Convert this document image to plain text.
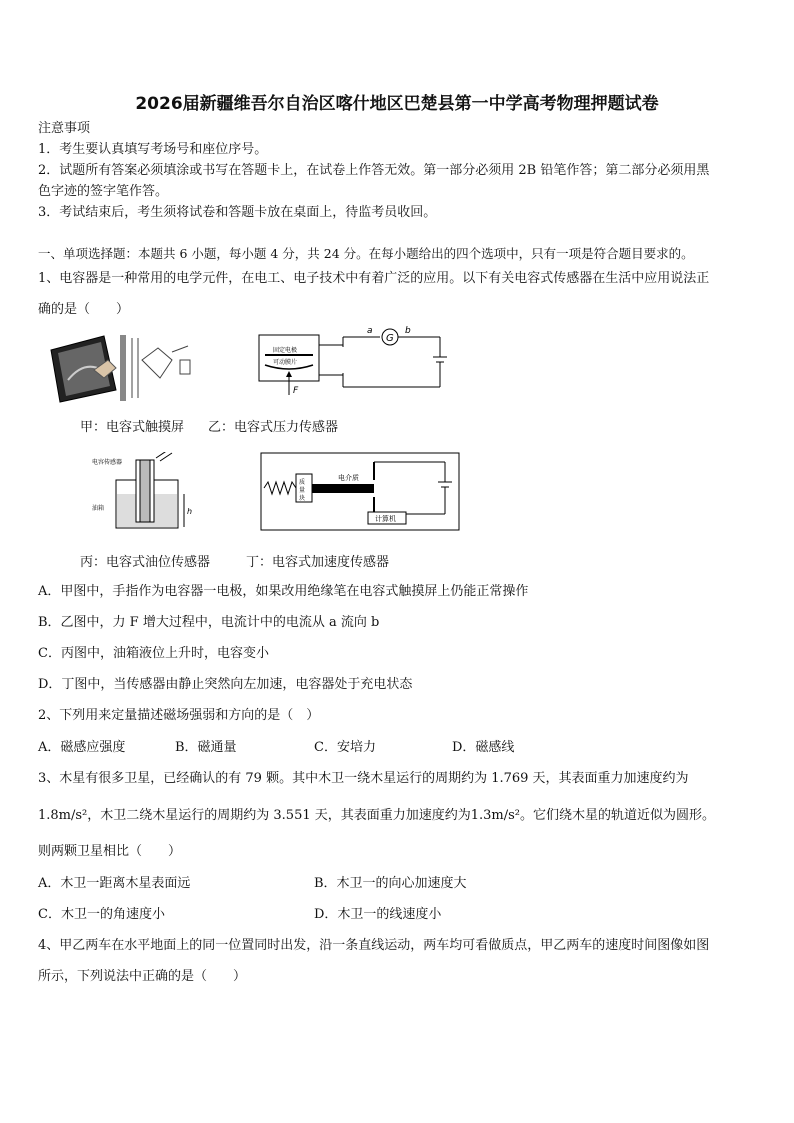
2026届新疆维吾尔自治区喀什地区巴楚县第一中学高考物理押题试卷
注意事项
1．考生要认真填写考场号和座位序号。
2．试题所有答案必须填涂或书写在答题卡上，在试卷上作答无效。第一部分必须用 2B 铅笔作答；第二部分必须用黑
色字迹的签字笔作答。
3．考试结束后，考生须将试卷和答题卡放在桌面上，待监考员收回。
一、单项选择题：本题共 6 小题，每小题 4 分，共 24 分。在每小题给出的四个选项中，只有一项是符合题目要求的。
1、电容器是一种常用的电学元件，在电工、电子技术中有着广泛的应用。以下有关电容式传感器在生活中应用说法正
确的是（　　）
固定电极
可动膜片
F
G
a	b
甲：电容式触摸屏 乙：电容式压力传感器
电容传感器
油箱	h
质
量
块
电介质
计算机
丙：电容式油位传感器	丁：电容式加速度传感器
A．甲图中，手指作为电容器一电极，如果改用绝缘笔在电容式触摸屏上仍能正常操作
B．乙图中，力 F 增大过程中，电流计中的电流从 a 流向 b
C．丙图中，油箱液位上升时，电容变小
D．丁图中，当传感器由静止突然向左加速，电容器处于充电状态
2、下列用来定量描述磁场强弱和方向的是（　）
A．磁感应强度	B．磁通量	C．安培力	D．磁感线
3、木星有很多卫星，已经确认的有 79 颗。其中木卫一绕木星运行的周期约为 1.769 天，其表面重力加速度约为
1.8m/s²，木卫二绕木星运行的周期约为 3.551 天，其表面重力加速度约为1.3m/s²。它们绕木星的轨道近似为圆形。
则两颗卫星相比（　　）
A．木卫一距离木星表面远	B．木卫一的向心加速度大
C．木卫一的角速度小	D．木卫一的线速度小
4、甲乙两车在水平地面上的同一位置同时出发，沿一条直线运动，两车均可看做质点，甲乙两车的速度时间图像如图
所示，下列说法中正确的是（　　）
